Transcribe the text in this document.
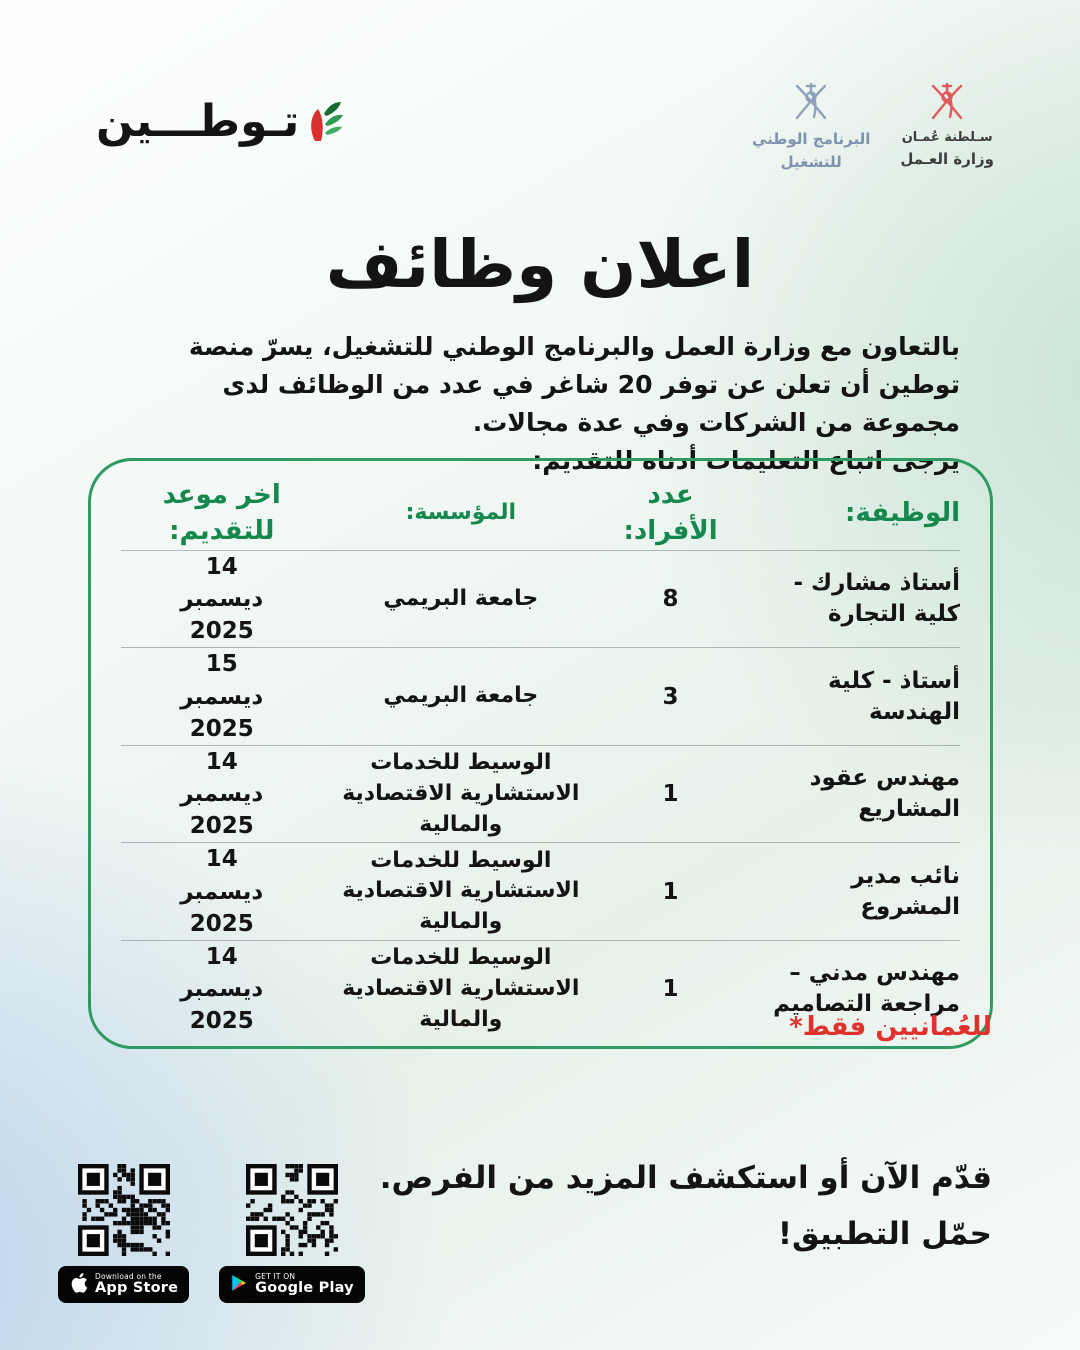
تـوطـــين	البرنامج الوطني
للتشغيل
سـلطنة عُمـان
وزارة العـمل
اعلان وظائف

بالتعاون مع وزارة العمل والبرنامج الوطني للتشغيل، يسرّ منصة توطين أن تعلن عن توفر 20 شاغر في عدد من الوظائف لدى مجموعة من الشركات وفي عدة مجالات.

يرجى اتباع التعليمات أدناه للتقديم:

الوظيفة:
عدد الأفراد:
المؤسسة:
اخر موعد للتقديم:
أستاذ مشارك - كلية التجارة
8
جامعة البريمي
14 ديسمبر 2025
أستاذ - كلية الهندسة
3
جامعة البريمي
15 ديسمبر 2025
مهندس عقود المشاريع
1
الوسيط للخدمات الاستشارية الاقتصادية والمالية
14 ديسمبر 2025
نائب مدير المشروع
1
الوسيط للخدمات الاستشارية الاقتصادية والمالية
14 ديسمبر 2025
مهندس مدني – مراجعة التصاميم
1
الوسيط للخدمات الاستشارية الاقتصادية والمالية
14 ديسمبر 2025	للعُمانيين فقط*

قدّم الآن أو استكشف المزيد من الفرص.

حمّل التطبيق!

Download on the
App Store
GET IT ON
Google Play
